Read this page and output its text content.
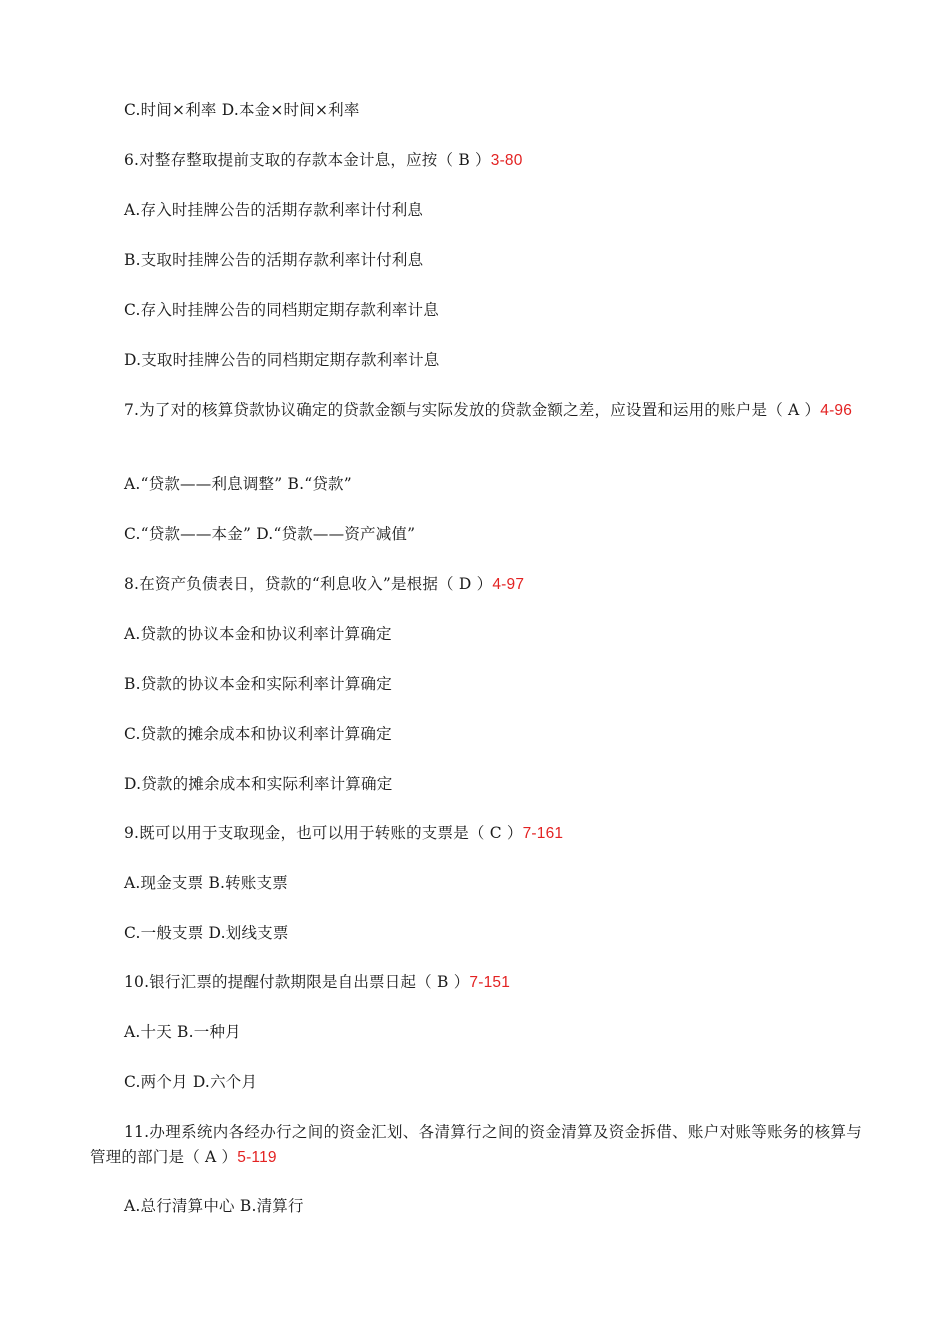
C.时间×利率 D.本金×时间×利率
6.对整存整取提前支取的存款本金计息，应按（ B ）3-80
A.存入时挂牌公告的活期存款利率计付利息
B.支取时挂牌公告的活期存款利率计付利息
C.存入时挂牌公告的同档期定期存款利率计息
D.支取时挂牌公告的同档期定期存款利率计息
7.为了对的核算贷款协议确定的贷款金额与实际发放的贷款金额之差，应设置和运用的账户是（ A ）4-96
A.“贷款——利息调整” B.“贷款”
C.“贷款——本金” D.“贷款——资产减值”
8.在资产负债表日，贷款的“利息收入”是根据（ D ）4-97
A.贷款的协议本金和协议利率计算确定
B.贷款的协议本金和实际利率计算确定
C.贷款的摊余成本和协议利率计算确定
D.贷款的摊余成本和实际利率计算确定
9.既可以用于支取现金，也可以用于转账的支票是（ C ）7-161
A.现金支票 B.转账支票
C.一般支票 D.划线支票
10.银行汇票的提醒付款期限是自出票日起（ B ）7-151
A.十天 B.一种月
C.两个月 D.六个月
11.办理系统内各经办行之间的资金汇划、各清算行之间的资金清算及资金拆借、账户对账等账务的核算与管理的部门是（ A ）5-119
A.总行清算中心 B.清算行
